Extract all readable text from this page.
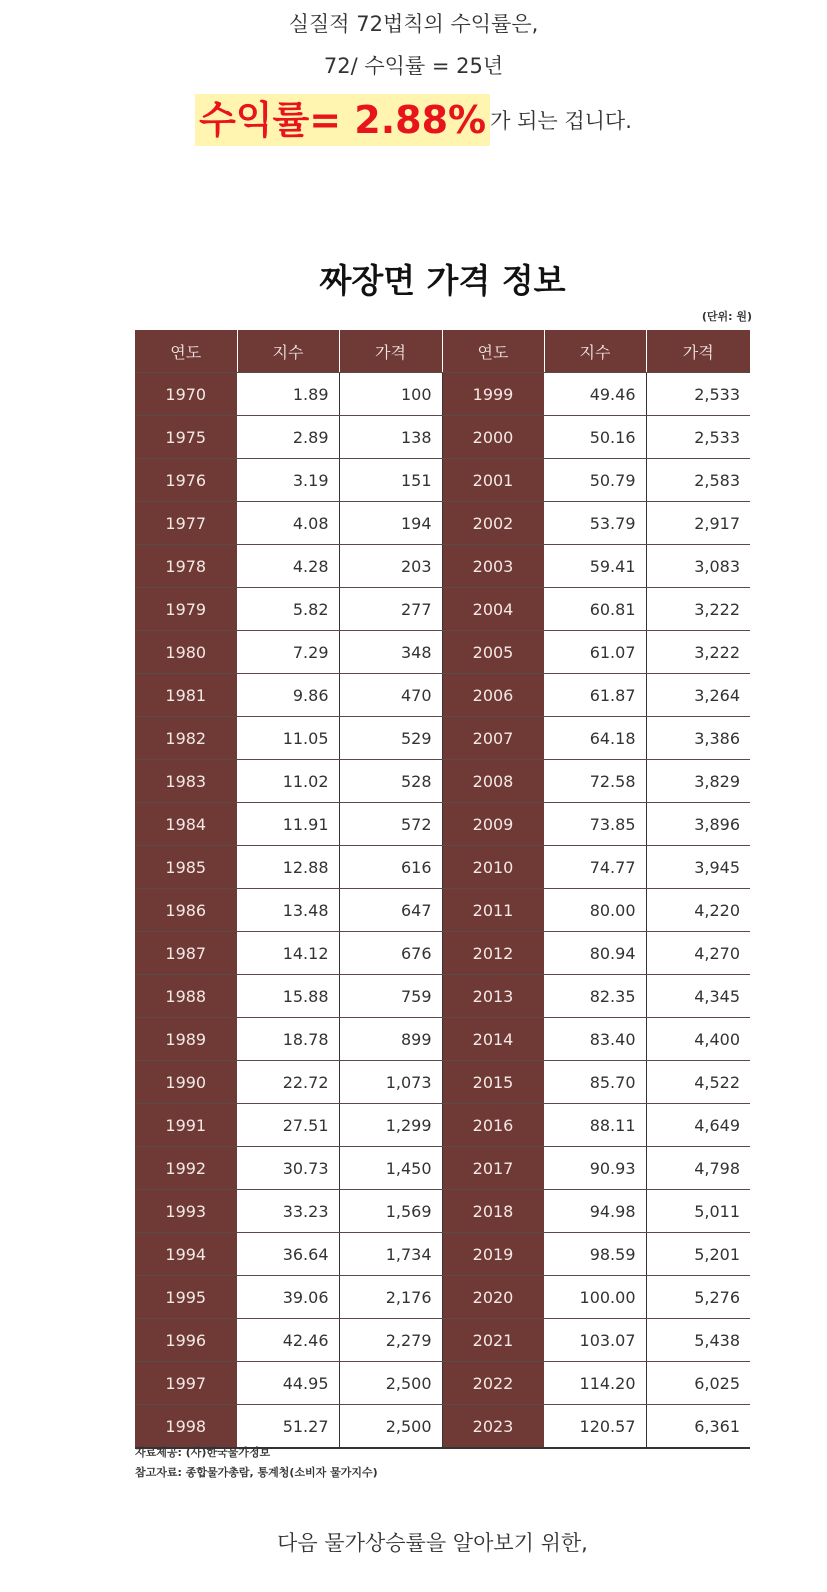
실질적 72법칙의 수익률은,
72/ 수익률 = 25년
수익률= 2.88% 가 되는 겁니다.
짜장면 가격 정보
(단위: 원)
연도	지수	가격	연도	지수	가격
1970	1.89	100	1999	49.46	2,533
1975	2.89	138	2000	50.16	2,533
1976	3.19	151	2001	50.79	2,583
1977	4.08	194	2002	53.79	2,917
1978	4.28	203	2003	59.41	3,083
1979	5.82	277	2004	60.81	3,222
1980	7.29	348	2005	61.07	3,222
1981	9.86	470	2006	61.87	3,264
1982	11.05	529	2007	64.18	3,386
1983	11.02	528	2008	72.58	3,829
1984	11.91	572	2009	73.85	3,896
1985	12.88	616	2010	74.77	3,945
1986	13.48	647	2011	80.00	4,220
1987	14.12	676	2012	80.94	4,270
1988	15.88	759	2013	82.35	4,345
1989	18.78	899	2014	83.40	4,400
1990	22.72	1,073	2015	85.70	4,522
1991	27.51	1,299	2016	88.11	4,649
1992	30.73	1,450	2017	90.93	4,798
1993	33.23	1,569	2018	94.98	5,011
1994	36.64	1,734	2019	98.59	5,201
1995	39.06	2,176	2020	100.00	5,276
1996	42.46	2,279	2021	103.07	5,438
1997	44.95	2,500	2022	114.20	6,025
1998	51.27	2,500	2023	120.57	6,361
자료제공: (사)한국물가정보
참고자료: 종합물가총람, 통계청(소비자 물가지수)
다음 물가상승률을 알아보기 위한,
